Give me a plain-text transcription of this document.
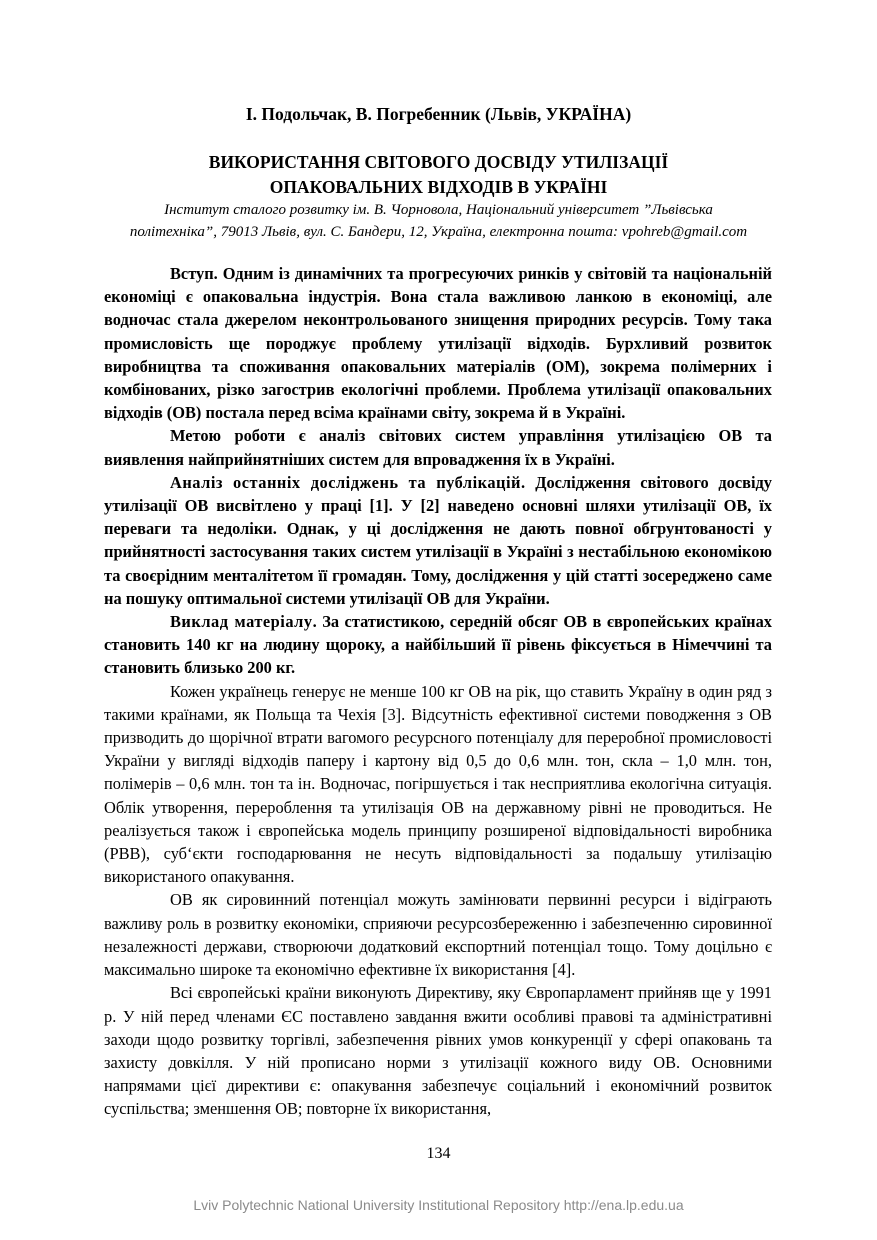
І. Подольчак, В. Погребенник (Львів, УКРАЇНА)
ВИКОРИСТАННЯ СВІТОВОГО ДОСВІДУ УТИЛІЗАЦІЇ
ОПАКОВАЛЬНИХ ВІДХОДІВ В УКРАЇНІ
Інститут сталого розвитку ім. В. Чорновола, Національний університет ”Львівська
політехніка”, 79013 Львів, вул. С. Бандери, 12, Україна, електронна пошта: vpohreb@gmail.com

Вступ. Одним із динамічних та прогресуючих ринків у світовій та національній економіці є опаковальна індустрія. Вона стала важливою ланкою в економіці, але водночас стала джерелом неконтрольованого знищення природних ресурсів. Тому така промисловість ще породжує проблему утилізації відходів. Бурхливий розвиток виробництва та споживання опаковальних матеріалів (ОМ), зокрема полімерних і комбінованих, різко загострив екологічні проблеми. Проблема утилізації опаковальних відходів (ОВ) постала перед всіма країнами світу, зокрема й в Україні.

Метою роботи є аналіз світових систем управління утилізацією ОВ та виявлення найприйнятніших систем для впровадження їх в Україні.

Аналіз останніх досліджень та публікацій. Дослідження світового досвіду утилізації ОВ висвітлено у праці [1]. У [2] наведено основні шляхи утилізації ОВ, їх переваги та недоліки. Однак, у ці дослідження не дають повної обгрунтованості у прийнятності застосування таких систем утилізації в Україні з нестабільною економікою та своєрідним менталітетом її громадян. Тому, дослідження у цій статті зосереджено саме на пошуку оптимальної системи утилізації ОВ для України.

Виклад матеріалу. За статистикою, середній обсяг ОВ в європейських країнах становить 140 кг на людину щороку, а найбільший її рівень фіксується в Німеччині та становить близько 200 кг.

Кожен українець генерує не менше 100 кг ОВ на рік, що ставить Україну в один ряд з такими країнами, як Польща та Чехія [3]. Відсутність ефективної системи поводження з ОВ призводить до щорічної втрати вагомого ресурсного потенціалу для переробної промисловості України у вигляді відходів паперу і картону від 0,5 до 0,6 млн. тон, скла – 1,0 млн. тон, полімерів – 0,6 млн. тон та ін. Водночас, погіршується і так несприятлива екологічна ситуація. Облік утворення, перероблення та утилізація ОВ на державному рівні не проводиться. Не реалізується також і європейська модель принципу розширеної відповідальності виробника (РВВ), суб‘єкти господарювання не несуть відповідальності за подальшу утилізацію використаного опакування.

ОВ як сировинний потенціал можуть замінювати первинні ресурси і відіграють важливу роль в розвитку економіки, сприяючи ресурсозбереженню і забезпеченню сировинної незалежності держави, створюючи додатковий експортний потенціал тощо. Тому доцільно є максимально широке та економічно ефективне їх використання [4].

Всі європейські країни виконують Директиву, яку Європарламент прийняв ще у 1991 р. У ній перед членами ЄС поставлено завдання вжити особливі правові та адміністративні заходи щодо розвитку торгівлі, забезпечення рівних умов конкуренції у сфері опаковань та захисту довкілля. У ній прописано норми з утилізації кожного виду ОВ. Основними напрямами цієї директиви є: опакування забезпечує соціальний і економічний розвиток суспільства; зменшення ОВ; повторне їх використання,

134
Lviv Polytechnic National University Institutional Repository http://ena.lp.edu.ua
